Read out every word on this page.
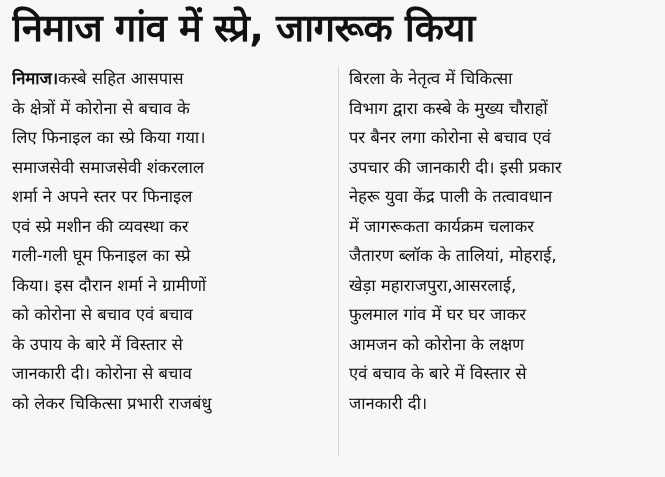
निमाज गांव में स्प्रे, जागरूक किया
निमाज।कस्बे सहित आसपास
के क्षेत्रों में कोरोना से बचाव के
लिए फिनाइल का स्प्रे किया गया।
समाजसेवी समाजसेवी शंकरलाल
शर्मा ने अपने स्तर पर फिनाइल
एवं स्प्रे मशीन की व्यवस्था कर
गली-गली घूम फिनाइल का स्प्रे
किया। इस दौरान शर्मा ने ग्रामीणों
को कोरोना से बचाव एवं बचाव
के उपाय के बारे में विस्तार से
जानकारी दी। कोरोना से बचाव
को लेकर चिकित्सा प्रभारी राजबंधु
बिरला के नेतृत्व में चिकित्सा
विभाग द्वारा कस्बे के मुख्य चौराहों
पर बैनर लगा कोरोना से बचाव एवं
उपचार की जानकारी दी। इसी प्रकार
नेहरू युवा केंद्र पाली के तत्वावधान
में जागरूकता कार्यक्रम चलाकर
जैतारण ब्लॉक के तालियां, मोहराई,
खेड़ा महाराजपुरा,आसरलाई,
फुलमाल गांव में घर घर जाकर
आमजन को कोरोना के लक्षण
एवं बचाव के बारे में विस्तार से
जानकारी दी।
